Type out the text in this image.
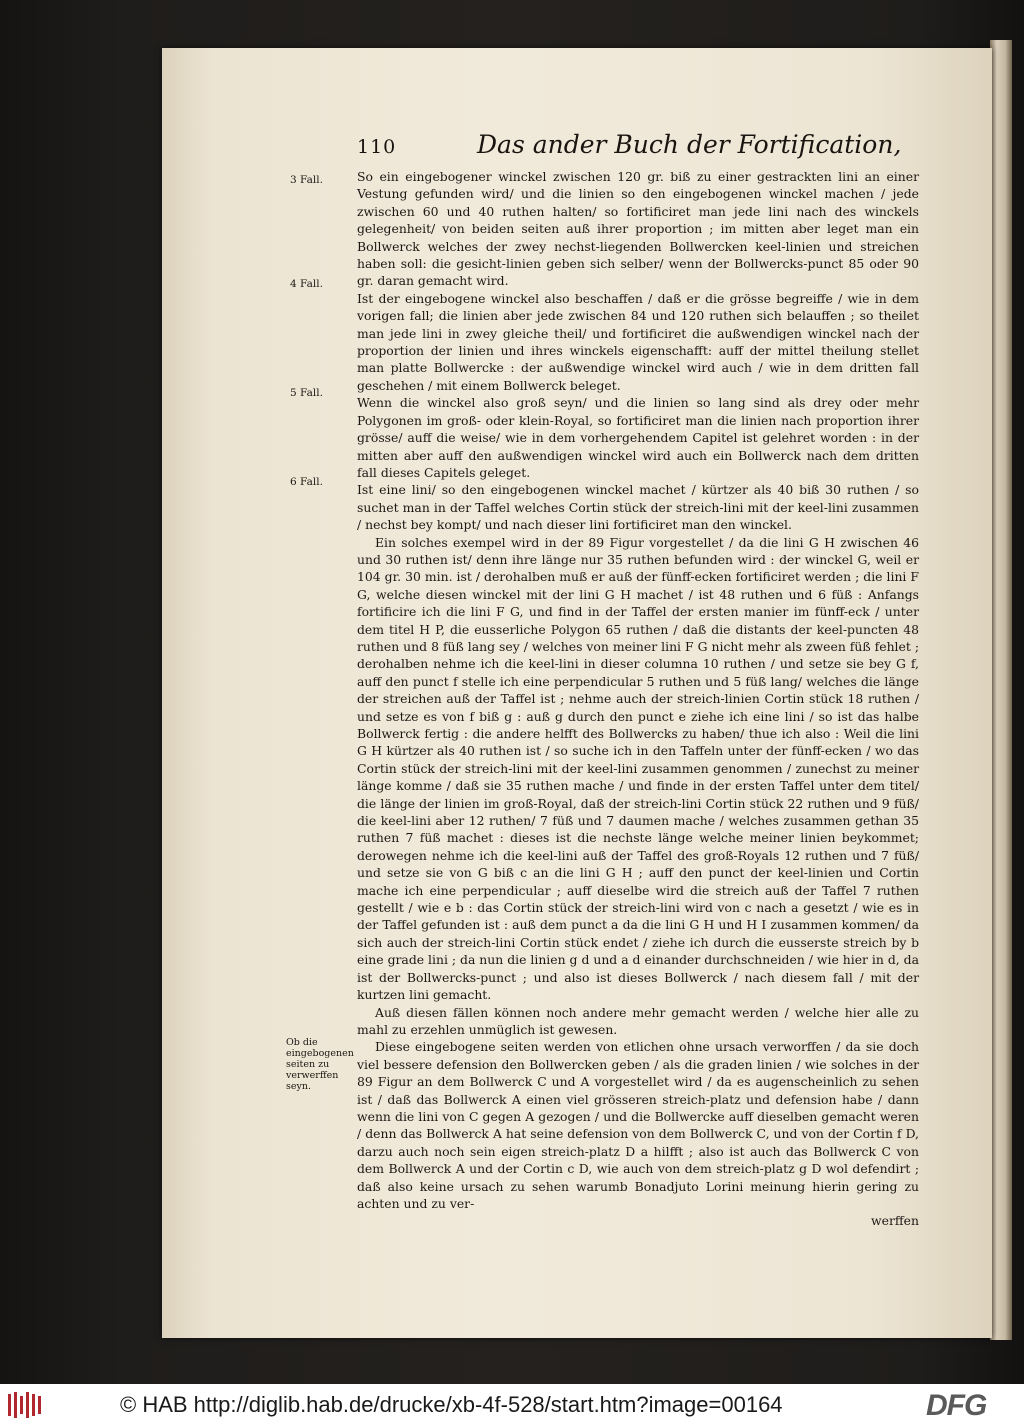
110	Das ander Buch der Fortification,
3 Fall.
4 Fall.
5 Fall.
6 Fall.
Ob die eingebogenen seiten zu verwerffen seyn.

So ein eingebogener winckel zwischen 120 gr. biß zu einer gestrackten lini an einer Vestung gefunden wird/ und die linien so den eingebogenen winckel machen / jede zwischen 60 und 40 ruthen halten/ so fortificiret man jede lini nach des winckels gelegenheit/ von beiden seiten auß ihrer proportion ; im mitten aber leget man ein Bollwerck welches der zwey nechst-liegenden Bollwercken keel-linien und streichen haben soll: die gesicht-linien geben sich selber/ wenn der Bollwercks-punct 85 oder 90 gr. daran gemacht wird.

Ist der eingebogene winckel also beschaffen / daß er die grösse begreiffe / wie in dem vorigen fall; die linien aber jede zwischen 84 und 120 ruthen sich belauffen ; so theilet man jede lini in zwey gleiche theil/ und fortificiret die außwendigen winckel nach der proportion der linien und ihres winckels eigenschafft: auff der mittel theilung stellet man platte Bollwercke : der außwendige winckel wird auch / wie in dem dritten fall geschehen / mit einem Bollwerck beleget.

Wenn die winckel also groß seyn/ und die linien so lang sind als drey oder mehr Polygonen im groß- oder klein-Royal, so fortificiret man die linien nach proportion ihrer grösse/ auff die weise/ wie in dem vorhergehendem Capitel ist gelehret worden : in der mitten aber auff den außwendigen winckel wird auch ein Bollwerck nach dem dritten fall dieses Capitels geleget.

Ist eine lini/ so den eingebogenen winckel machet / kürtzer als 40 biß 30 ruthen / so suchet man in der Taffel welches Cortin stück der streich-lini mit der keel-lini zusammen / nechst bey kompt/ und nach dieser lini fortificiret man den winckel.

Ein solches exempel wird in der 89 Figur vorgestellet / da die lini G H zwischen 46 und 30 ruthen ist/ denn ihre länge nur 35 ruthen befunden wird : der winckel G, weil er 104 gr. 30 min. ist / derohalben muß er auß der fünff-ecken fortificiret werden ; die lini F G, welche diesen winckel mit der lini G H machet / ist 48 ruthen und 6 füß : Anfangs fortificire ich die lini F G, und find in der Taffel der ersten manier im fünff-eck / unter dem titel H P, die eusserliche Polygon 65 ruthen / daß die distants der keel-puncten 48 ruthen und 8 füß lang sey / welches von meiner lini F G nicht mehr als zween füß fehlet ; derohalben nehme ich die keel-lini in dieser columna 10 ruthen / und setze sie bey G f, auff den punct f stelle ich eine perpendicular 5 ruthen und 5 füß lang/ welches die länge der streichen auß der Taffel ist ; nehme auch der streich-linien Cortin stück 18 ruthen / und setze es von f biß g : auß g durch den punct e ziehe ich eine lini / so ist das halbe Bollwerck fertig : die andere helfft des Bollwercks zu haben/ thue ich also : Weil die lini G H kürtzer als 40 ruthen ist / so suche ich in den Taffeln unter der fünff-ecken / wo das Cortin stück der streich-lini mit der keel-lini zusammen genommen / zunechst zu meiner länge komme / daß sie 35 ruthen mache / und finde in der ersten Taffel unter dem titel/ die länge der linien im groß-Royal, daß der streich-lini Cortin stück 22 ruthen und 9 füß/ die keel-lini aber 12 ruthen/ 7 füß und 7 daumen mache / welches zusammen gethan 35 ruthen 7 füß machet : dieses ist die nechste länge welche meiner linien beykommet; derowegen nehme ich die keel-lini auß der Taffel des groß-Royals 12 ruthen und 7 füß/ und setze sie von G biß c an die lini G H ; auff den punct der keel-linien und Cortin mache ich eine perpendicular ; auff dieselbe wird die streich auß der Taffel 7 ruthen gestellt / wie e b : das Cortin stück der streich-lini wird von c nach a gesetzt / wie es in der Taffel gefunden ist : auß dem punct a da die lini G H und H I zusammen kommen/ da sich auch der streich-lini Cortin stück endet / ziehe ich durch die eusserste streich by b eine grade lini ; da nun die linien g d und a d einander durchschneiden / wie hier in d, da ist der Bollwercks-punct ; und also ist dieses Bollwerck / nach diesem fall / mit der kurtzen lini gemacht.

Auß diesen fällen können noch andere mehr gemacht werden / welche hier alle zu mahl zu erzehlen unmüglich ist gewesen.

Diese eingebogene seiten werden von etlichen ohne ursach verworffen / da sie doch viel bessere defension den Bollwercken geben / als die graden linien / wie solches in der 89 Figur an dem Bollwerck C und A vorgestellet wird / da es augenscheinlich zu sehen ist / daß das Bollwerck A einen viel grösseren streich-platz und defension habe / dann wenn die lini von C gegen A gezogen / und die Bollwercke auff dieselben gemacht weren / denn das Bollwerck A hat seine defension von dem Bollwerck C, und von der Cortin f D, darzu auch noch sein eigen streich-platz D a hilfft ; also ist auch das Bollwerck C von dem Bollwerck A und der Cortin c D, wie auch von dem streich-platz g D wol defendirt ; daß also keine ursach zu sehen warumb Bonadjuto Lorini meinung hierin gering zu achten und zu ver-

werffen

© HAB http://diglib.hab.de/drucke/xb-4f-528/start.htm?image=00164	DFG
